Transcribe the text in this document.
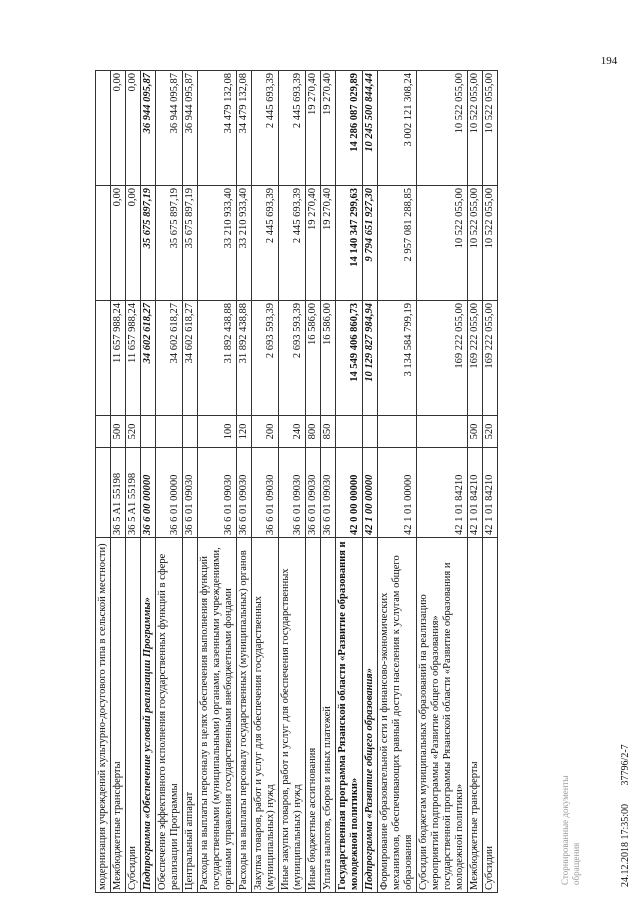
194
модернизация учреждений культурно-досугового типа в сельской местности)					
Межбюджетные трансферты	36 5 A1 55198	500	11 657 988,24	0,00	0,00
Субсидии	36 5 A1 55198	520	11 657 988,24	0,00	0,00
Подпрограмма «Обеспечение условий реализации Программы»	36 6 00 00000		34 602 618,27	35 675 897,19	36 944 095,87
Обеспечение эффективного исполнения государственных функций в сфере реализации Программы	36 6 01 00000		34 602 618,27	35 675 897,19	36 944 095,87
Центральный аппарат	36 6 01 09030		34 602 618,27	35 675 897,19	36 944 095,87
Расходы на выплаты персоналу в целях обеспечения выполнения функций государственными (муниципальными) органами, казенными учреждениями, органами управления государственными внебюджетными фондами	36 6 01 09030	100	31 892 438,88	33 210 933,40	34 479 132,08
Расходы на выплаты персоналу государственных (муниципальных) органов	36 6 01 09030	120	31 892 438,88	33 210 933,40	34 479 132,08
Закупка товаров, работ и услуг для обеспечения государственных (муниципальных) нужд	36 6 01 09030	200	2 693 593,39	2 445 693,39	2 445 693,39
Иные закупки товаров, работ и услуг для обеспечения государственных (муниципальных) нужд	36 6 01 09030	240	2 693 593,39	2 445 693,39	2 445 693,39
Иные бюджетные ассигнования	36 6 01 09030	800	16 586,00	19 270,40	19 270,40
Уплата налогов, сборов и иных платежей	36 6 01 09030	850	16 586,00	19 270,40	19 270,40
Государственная программа Рязанской области «Развитие образования и молодежной политики»	42 0 00 00000		14 549 406 860,73	14 140 347 299,63	14 286 087 029,89
Подпрограмма «Развитие общего образования»	42 1 00 00000		10 129 827 984,94	9 794 651 927,30	10 245 500 844,44
Формирование образовательной сети и финансово-экономических механизмов, обеспечивающих равный доступ населения к услугам общего образования	42 1 01 00000		3 134 584 799,19	2 957 081 288,85	3 002 121 308,24
Субсидии бюджетам муниципальных образований на реализацию мероприятий подпрограммы «Развитие общего образования» государственной программы Рязанской области «Развитие образования и молодежной политики»	42 1 01 84210		169 222 055,00	10 522 055,00	10 522 055,00
Межбюджетные трансферты	42 1 01 84210	500	169 222 055,00	10 522 055,00	10 522 055,00
Субсидии	42 1 01 84210	520	169 222 055,00	10 522 055,00	10 522 055,00
Сторнированные документы обращения	24.12.2018 17:35:00 37796/2-7
